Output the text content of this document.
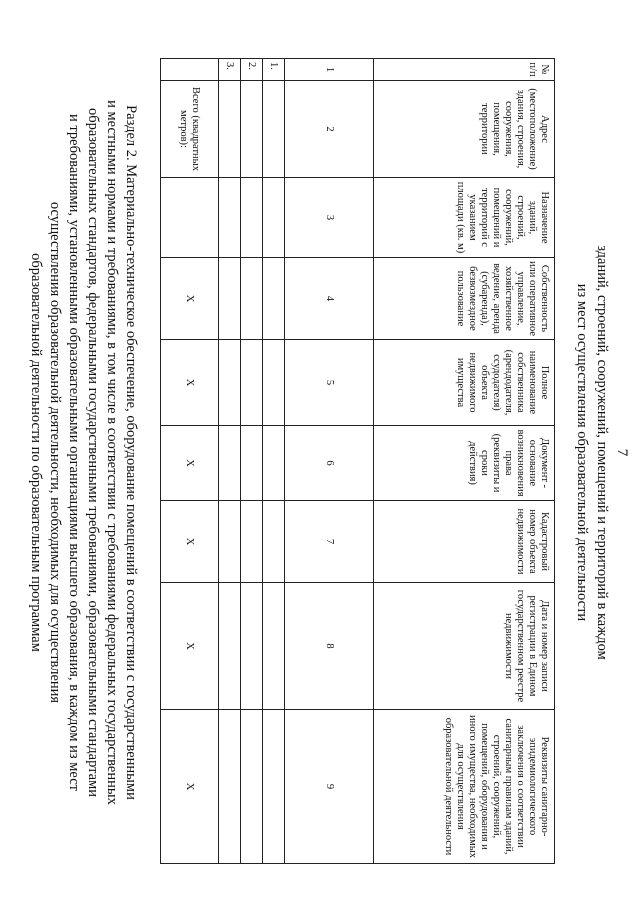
7
зданий, строений, сооружений, помещений и территорий в каждом
из мест осуществления образовательной деятельности
№ п/п	Адрес (местоположение) здания, строения, сооружения, помещения, территории	Назначение зданий, строений, сооружений, помещений и территорий с указанием площади (кв. м)	Собственность или оперативное управление, хозяйственное ведение, аренда (субаренда), безвозмездное пользование	Полное наименование собственника (арендодателя, ссудодателя) объекта недвижимого имущества	Документ - основание возникновения права (реквизиты и сроки действия)	Кадастровый номер объекта недвижимости	Дата и номер записи регистрации в Едином государственном реестре недвижимости	Реквизиты санитарно-эпидемиологического заключения о соответствии санитарным правилам зданий, строений, сооружений, помещений, оборудования и иного имущества, необходимых для осуществления образовательной деятельности
1	2	3	4	5	6	7	8	9
1.								
2.								
3.								
	Всего (квадратных метров):		X	X	X	X	X	X
Раздел 2. Материально-техническое обеспечение, оборудование помещений в соответствии с государственными
и местными нормами и требованиями, в том числе в соответствии с требованиями федеральных государственных
образовательных стандартов, федеральными государственными требованиями, образовательными стандартами
и требованиями, установленными образовательными организациями высшего образования, в каждом из мест
осуществления образовательной деятельности, необходимых для осуществления
образовательной деятельности по образовательным программам
